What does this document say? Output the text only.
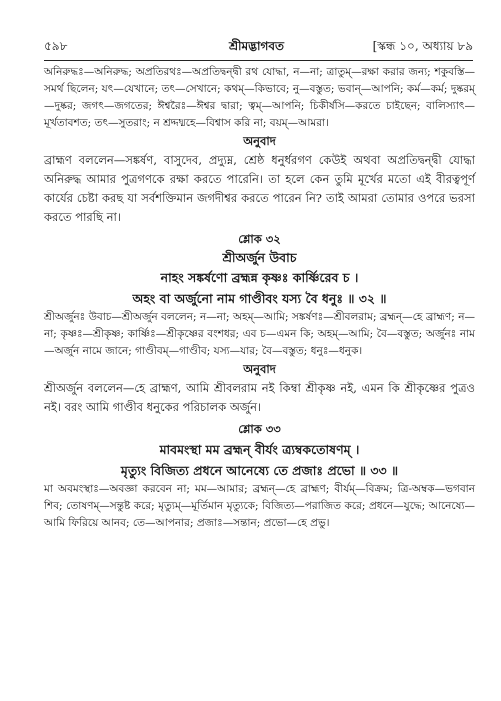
৫৯৮	শ্রীমদ্ভাগবত	[স্কন্ধ ১০, অধ্যায় ৮৯

অনিরুদ্ধঃ—অনিরুদ্ধ; অপ্রতিরথঃ—অপ্রতিদ্বন্দ্বী রথ যোদ্ধা, ন—না; ত্রাতুম্—রক্ষা করার জন্য; শকুবস্তি—সমর্থ ছিলেন; যৎ—যেখানে; তৎ—সেখানে; কথম্—কিভাবে; নু—বস্তুত; ভবান্—আপনি; কর্ম—কর্ম; দুষ্করম্—দুষ্কর; জগৎ—জগতের; ঈশ্বরৈঃ—ঈশ্বর দ্বারা; ত্বম্—আপনি; চিকীর্ষসি—করতে চাইছেন; বালিস্যাৎ—মূর্খতাবশত; তৎ—সুতরাং; ন শ্রদ্দধ্মহে—বিশ্বাস করি না; বয়ম্—আমরা।

অনুবাদ

ব্রাহ্মণ বললেন—সঙ্কর্ষণ, বাসুদেব, প্রদ্যুম্ন, শ্রেষ্ঠ ধনুর্ধরগণ কেউই অথবা অপ্রতিদ্বন্দ্বী যোদ্ধা অনিরুদ্ধ আমার পুত্রগণকে রক্ষা করতে পারেনি। তা হলে কেন তুমি মূর্খের মতো এই বীরত্বপূর্ণ কার্যের চেষ্টা করছ যা সর্বশক্তিমান জগদীশ্বর করতে পারেন নি? তাই আমরা তোমার ওপরে ভরসা করতে পারছি না।

শ্লোক ৩২
শ্রীঅর্জুন উবাচ

নাহং সঙ্কর্ষণো ব্রহ্মন্ন কৃষ্ণঃ কার্ষ্ণিরেব চ ।

অহং বা অর্জুনো নাম গাণ্ডীবং যস্য বৈ ধনুঃ ॥ ৩২ ॥

শ্রীঅর্জুনঃ উবাচ—শ্রীঅর্জুন বললেন; ন—না; অহম্—আমি; সঙ্কর্ষণঃ—শ্রীবলরাম; ব্রহ্মন্—হে ব্রাহ্মণ; ন—না; কৃষ্ণঃ—শ্রীকৃষ্ণ; কার্ষ্ণিঃ—শ্রীকৃষ্ণের বংশধর; এব চ—এমন কি; অহম্—আমি; বৈ—বস্তুত; অর্জুনঃ নাম—অর্জুন নামে জানে; গাণ্ডীবম্—গাণ্ডীব; যস্য—যার; বৈ—বস্তুত; ধনুঃ—ধনুক।

অনুবাদ

শ্রীঅর্জুন বললেন—হে ব্রাহ্মণ, আমি শ্রীবলরাম নই কিম্বা শ্রীকৃষ্ণ নই, এমন কি শ্রীকৃষ্ণের পুত্রও নই। বরং আমি গাণ্ডীব ধনুকের পরিচালক অর্জুন।

শ্লোক ৩৩

মাবমংস্থা মম ব্রহ্মন্ বীর্যং ত্র্যম্বকতোষণম্ ।

মৃত্যুং বিজিত্য প্রধনে আনেষ্যে তে প্রজাঃ প্রভো ॥ ৩৩ ॥

মা অবমংস্থাঃ—অবজ্ঞা করবেন না; মম—আমার; ব্রহ্মন্—হে ব্রাহ্মণ; বীর্যম্—বিক্রম; ত্রি-অম্বক—ভগবান শিব; তোষণম্—সন্তুষ্ট করে; মৃত্যুম্—মূর্তিমান মৃত্যুকে; বিজিত্য—পরাজিত করে; প্রধনে—যুদ্ধে; আনেষ্যে—আমি ফিরিয়ে আনব; তে—আপনার; প্রজাঃ—সন্তান; প্রভো—হে প্রভু।
